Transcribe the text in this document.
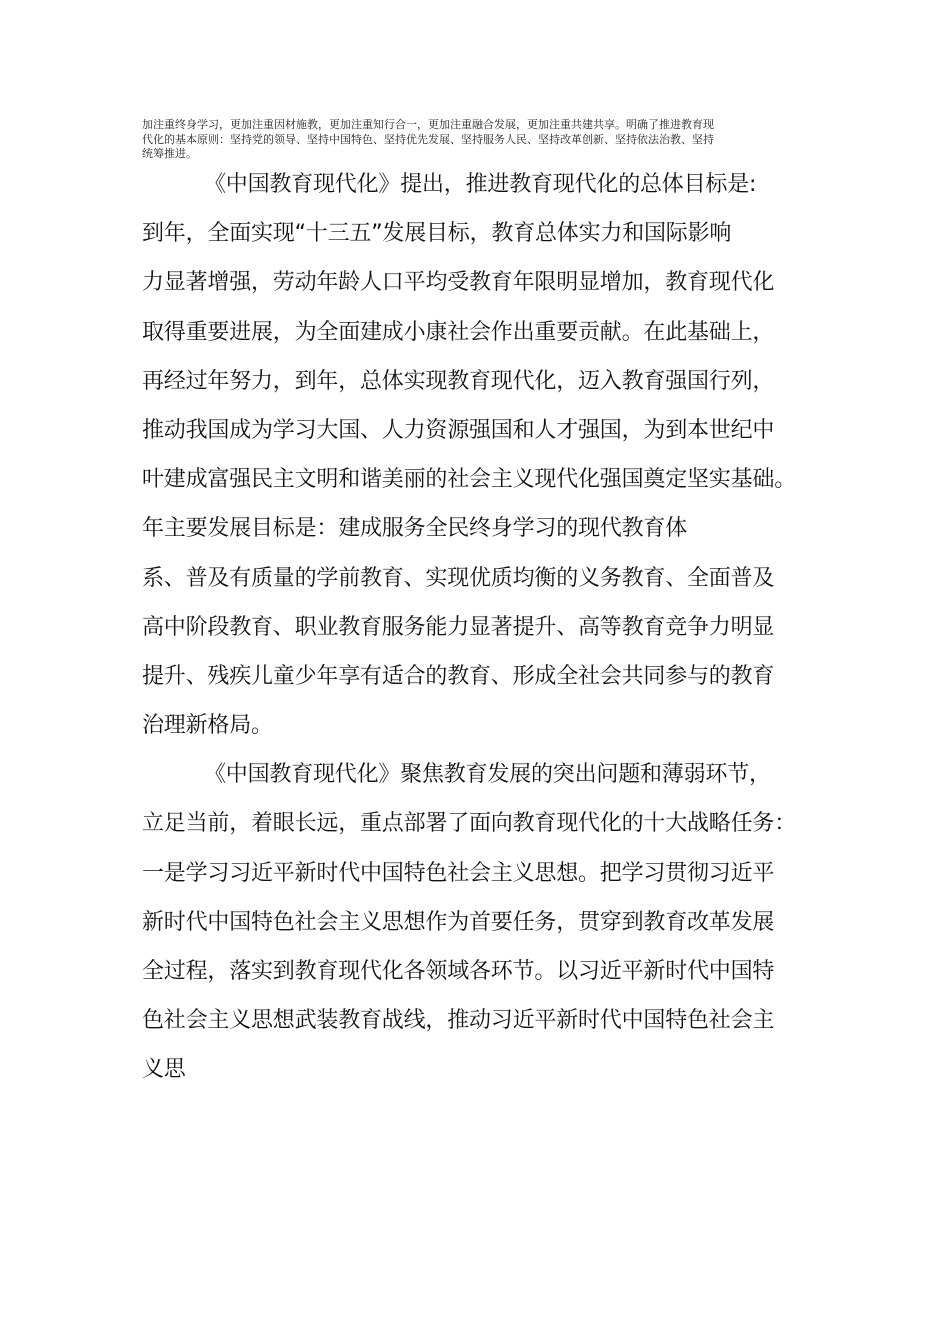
加注重终身学习，更加注重因材施教，更加注重知行合一，更加注重融合发展，更加注重共建共享。明确了推进教育现
代化的基本原则：坚持党的领导、坚持中国特色、坚持优先发展、坚持服务人民、坚持改革创新、坚持依法治教、坚持
统筹推进。
《中国教育现代化》提出，推进教育现代化的总体目标是:
到年，全面实现“十三五”发展目标，教育总体实力和国际影响
力显著增强，劳动年龄人口平均受教育年限明显增加，教育现代化
取得重要进展，为全面建成小康社会作出重要贡献。在此基础上，
再经过年努力，到年，总体实现教育现代化，迈入教育强国行列，
推动我国成为学习大国、人力资源强国和人才强国，为到本世纪中
叶建成富强民主文明和谐美丽的社会主义现代化强国奠定坚实基础。
年主要发展目标是：建成服务全民终身学习的现代教育体
系、普及有质量的学前教育、实现优质均衡的义务教育、全面普及
高中阶段教育、职业教育服务能力显著提升、高等教育竞争力明显
提升、残疾儿童少年享有适合的教育、形成全社会共同参与的教育
治理新格局。
《中国教育现代化》聚焦教育发展的突出问题和薄弱环节，
立足当前，着眼长远，重点部署了面向教育现代化的十大战略任务：
一是学习习近平新时代中国特色社会主义思想。把学习贯彻习近平
新时代中国特色社会主义思想作为首要任务，贯穿到教育改革发展
全过程，落实到教育现代化各领域各环节。以习近平新时代中国特
色社会主义思想武装教育战线，推动习近平新时代中国特色社会主
义思
